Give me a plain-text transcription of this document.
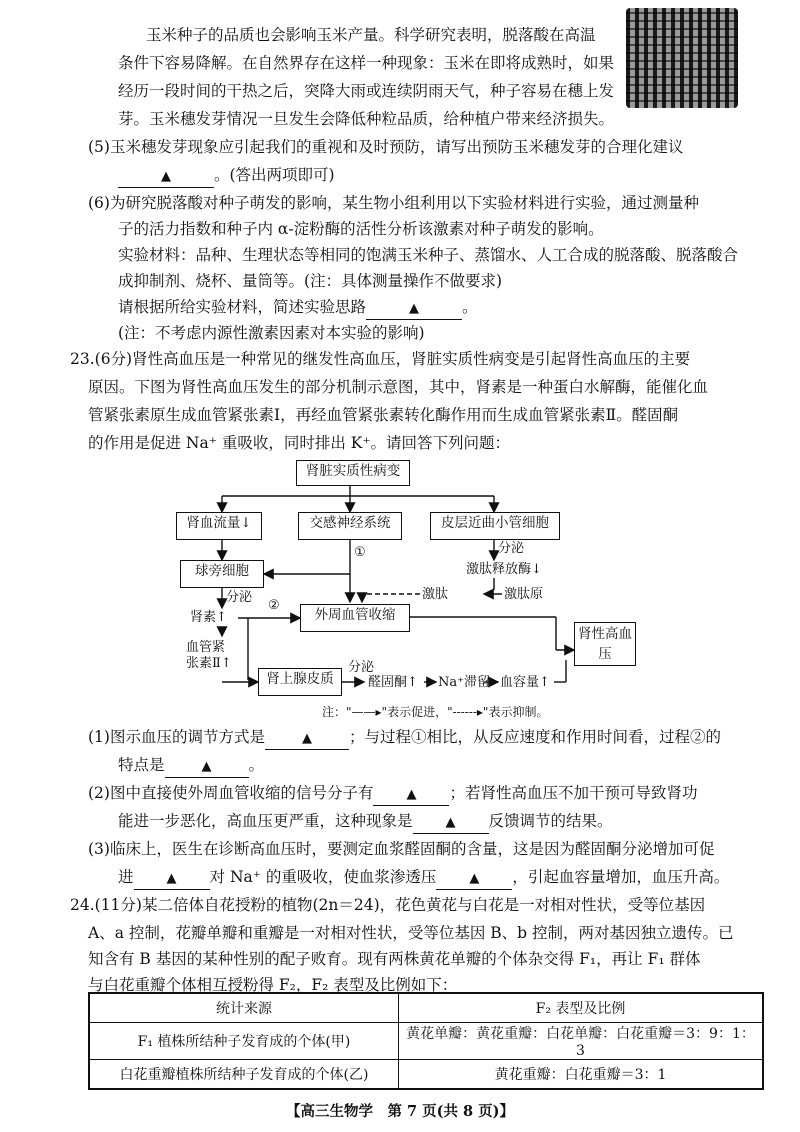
玉米种子的品质也会影响玉米产量。科学研究表明，脱落酸在高温

条件下容易降解。在自然界存在这样一种现象：玉米在即将成熟时，如果

经历一段时间的干热之后，突降大雨或连续阴雨天气，种子容易在穗上发

芽。玉米穗发芽情况一旦发生会降低种粒品质，给种植户带来经济损失。

(5)玉米穗发芽现象应引起我们的重视和及时预防，请写出预防玉米穗发芽的合理化建议

▲	。(答出两项即可)

(6)为研究脱落酸对种子萌发的影响，某生物小组利用以下实验材料进行实验，通过测量种

子的活力指数和种子内 α-淀粉酶的活性分析该激素对种子萌发的影响。

实验材料：品种、生理状态等相同的饱满玉米种子、蒸馏水、人工合成的脱落酸、脱落酸合

成抑制剂、烧杯、量筒等。(注：具体测量操作不做要求)

请根据所给实验材料，简述实验思路	▲	。

(注：不考虑内源性激素因素对本实验的影响)

23.(6分)肾性高血压是一种常见的继发性高血压，肾脏实质性病变是引起肾性高血压的主要

原因。下图为肾性高血压发生的部分机制示意图，其中，肾素是一种蛋白水解酶，能催化血

管紧张素原生成血管紧张素Ⅰ，再经血管紧张素转化酶作用而生成血管紧张素Ⅱ。醛固酮

的作用是促进 Na⁺ 重吸收，同时排出 K⁺。请回答下列问题：

肾脏实质性病变
肾血流量↓	交感神经系统	皮层近曲小管细胞
球旁细胞
外周血管收缩
肾上腺皮质
肾性高血压
①	分泌
激肽释放酶↓
激肽	激肽原
分泌
肾素↑
②
血管紧张素Ⅱ↑	分泌
醛固酮↑ Na⁺滞留 血容量↑
注："——▸"表示促进，"------▸"表示抑制。

(1)图示血压的调节方式是	▲ ；与过程①相比，从反应速度和作用时间看，过程②的

特点是	▲ 。

(2)图中直接使外周血管收缩的信号分子有	▲ ；若肾性高血压不加干预可导致肾功

能进一步恶化，高血压更严重，这种现象是	▲ 反馈调节的结果。

(3)临床上，医生在诊断高血压时，要测定血浆醛固酮的含量，这是因为醛固酮分泌增加可促

进	▲ 对 Na⁺ 的重吸收，使血浆渗透压	▲ ，引起血容量增加，血压升高。

24.(11分)某二倍体自花授粉的植物(2n＝24)，花色黄花与白花是一对相对性状，受等位基因

A、a 控制，花瓣单瓣和重瓣是一对相对性状，受等位基因 B、b 控制，两对基因独立遗传。已

知含有 B 基因的某种性别的配子败育。现有两株黄花单瓣的个体杂交得 F₁，再让 F₁ 群体

与白花重瓣个体相互授粉得 F₂，F₂ 表型及比例如下：

统计来源	F₂ 表型及比例
F₁ 植株所结种子发育成的个体(甲)	黄花单瓣：黄花重瓣：白花单瓣：白花重瓣＝3：9：1：3
白花重瓣植株所结种子发育成的个体(乙)	黄花重瓣：白花重瓣＝3：1
【高三生物学　第 7 页(共 8 页)】
